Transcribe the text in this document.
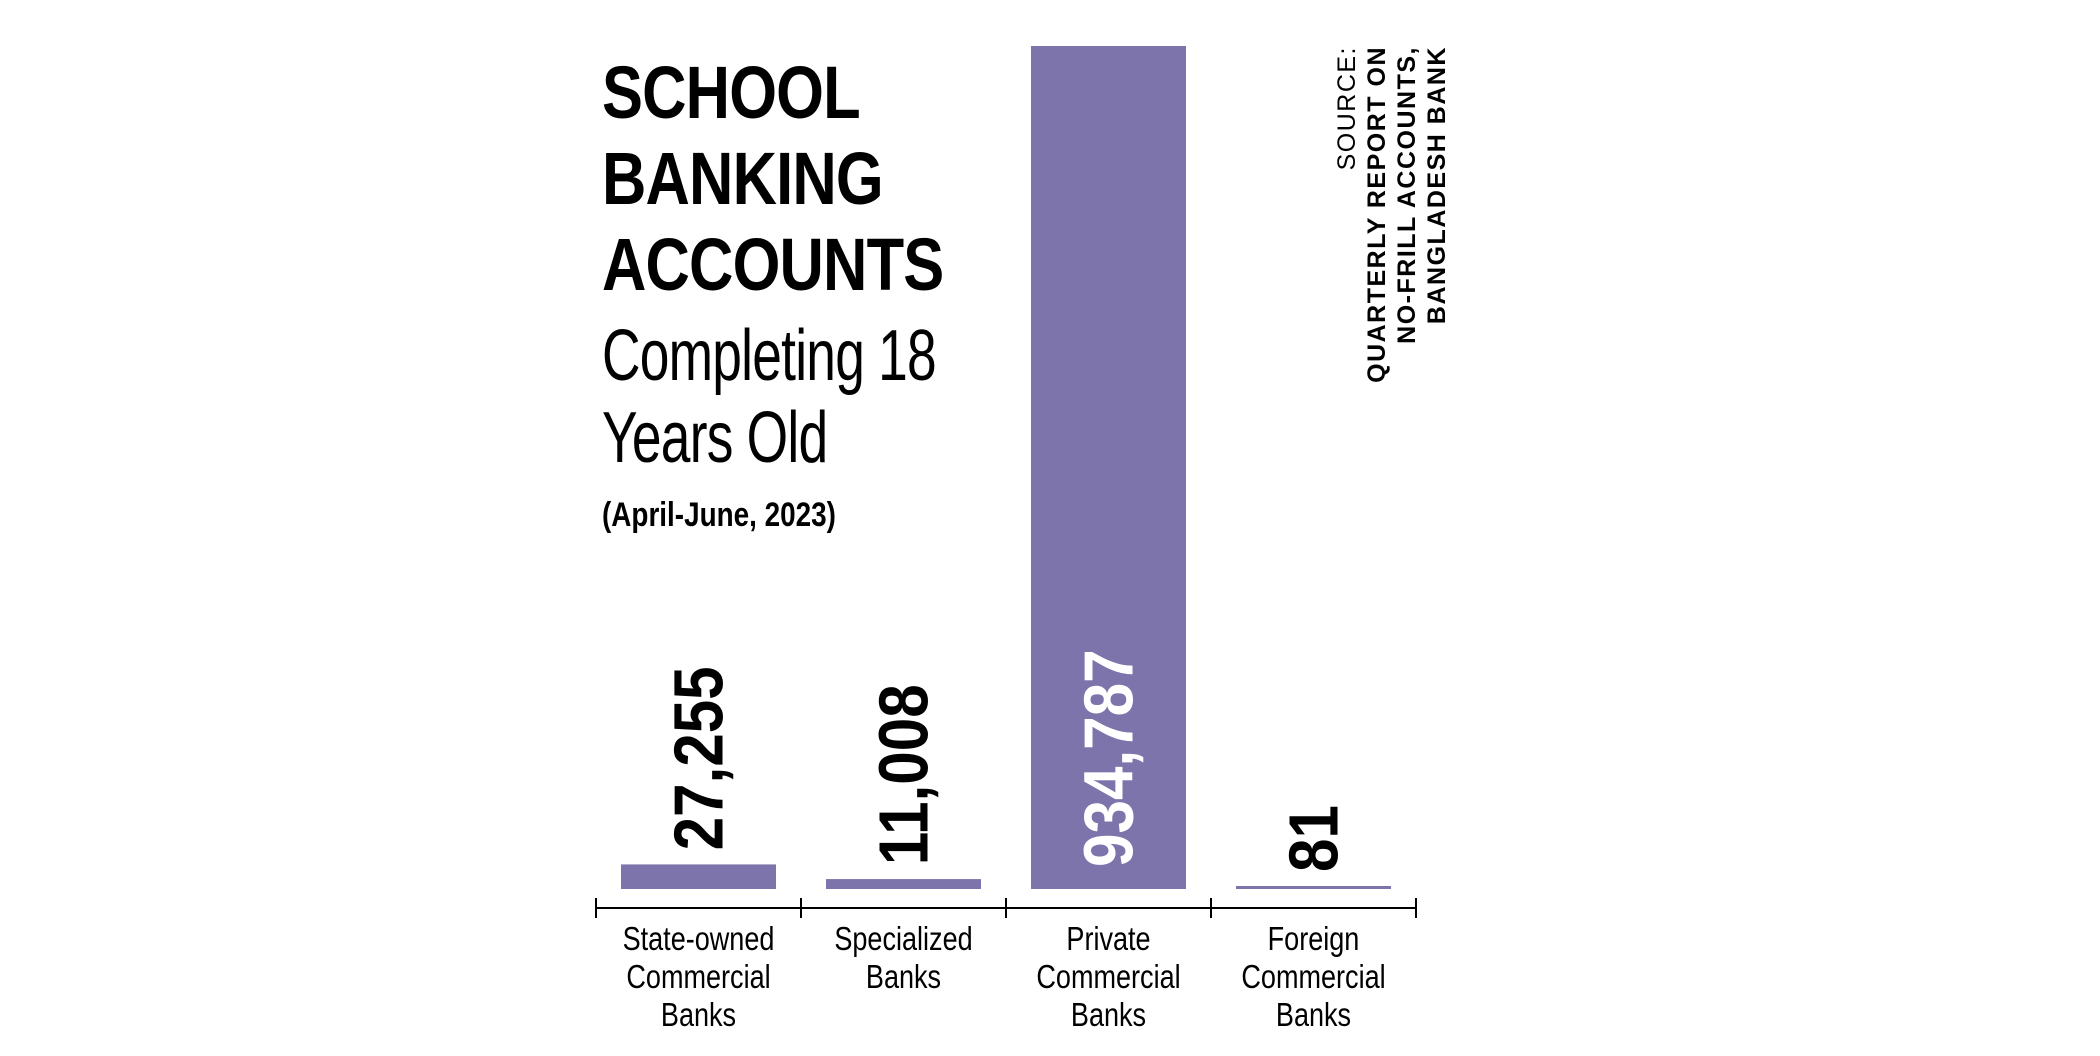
SCHOOL
BANKING
ACCOUNTS
Completing 18
Years Old
(April-June, 2023)
SOURCE: QUARTERLY REPORT ON NO-FRILL ACCOUNTS, BANGLADESH BANK
27,255
State-owned
Commercial
Banks
11,008
Specialized
Banks
934,787
Private
Commercial
Banks
81
Foreign
Commercial
Banks
